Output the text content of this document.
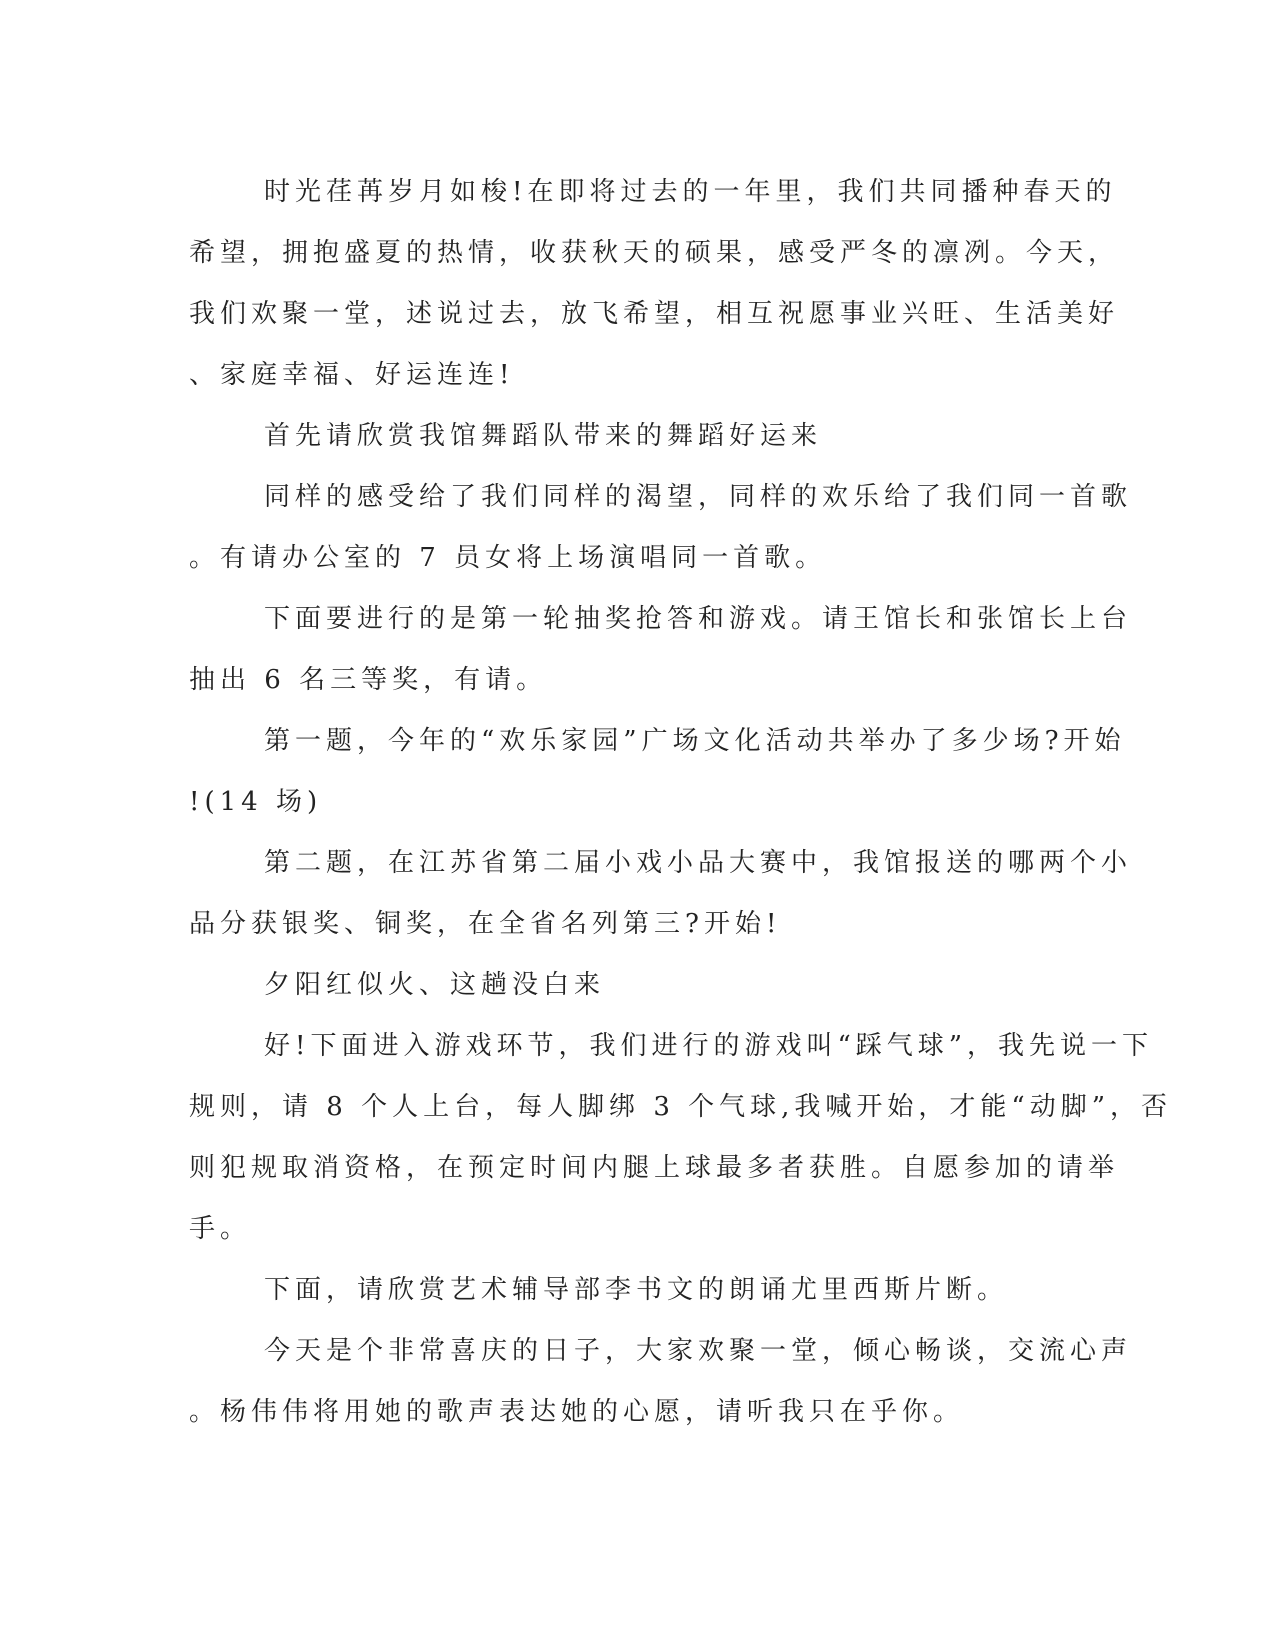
时光荏苒岁月如梭!在即将过去的一年里，我们共同播种春天的
希望，拥抱盛夏的热情，收获秋天的硕果，感受严冬的凛冽。今天，
我们欢聚一堂，述说过去，放飞希望，相互祝愿事业兴旺、生活美好
、家庭幸福、好运连连!

首先请欣赏我馆舞蹈队带来的舞蹈好运来

同样的感受给了我们同样的渴望，同样的欢乐给了我们同一首歌
。有请办公室的 7 员女将上场演唱同一首歌。

下面要进行的是第一轮抽奖抢答和游戏。请王馆长和张馆长上台
抽出 6 名三等奖，有请。

第一题，今年的“欢乐家园”广场文化活动共举办了多少场?开始
!(14 场)

第二题，在江苏省第二届小戏小品大赛中，我馆报送的哪两个小
品分获银奖、铜奖，在全省名列第三?开始!

夕阳红似火、这趟没白来

好!下面进入游戏环节，我们进行的游戏叫“踩气球”，我先说一下
规则，请 8 个人上台，每人脚绑 3 个气球,我喊开始，才能“动脚”，否
则犯规取消资格，在预定时间内腿上球最多者获胜。自愿参加的请举
手。

下面，请欣赏艺术辅导部李书文的朗诵尤里西斯片断。

今天是个非常喜庆的日子，大家欢聚一堂，倾心畅谈，交流心声
。杨伟伟将用她的歌声表达她的心愿，请听我只在乎你。
